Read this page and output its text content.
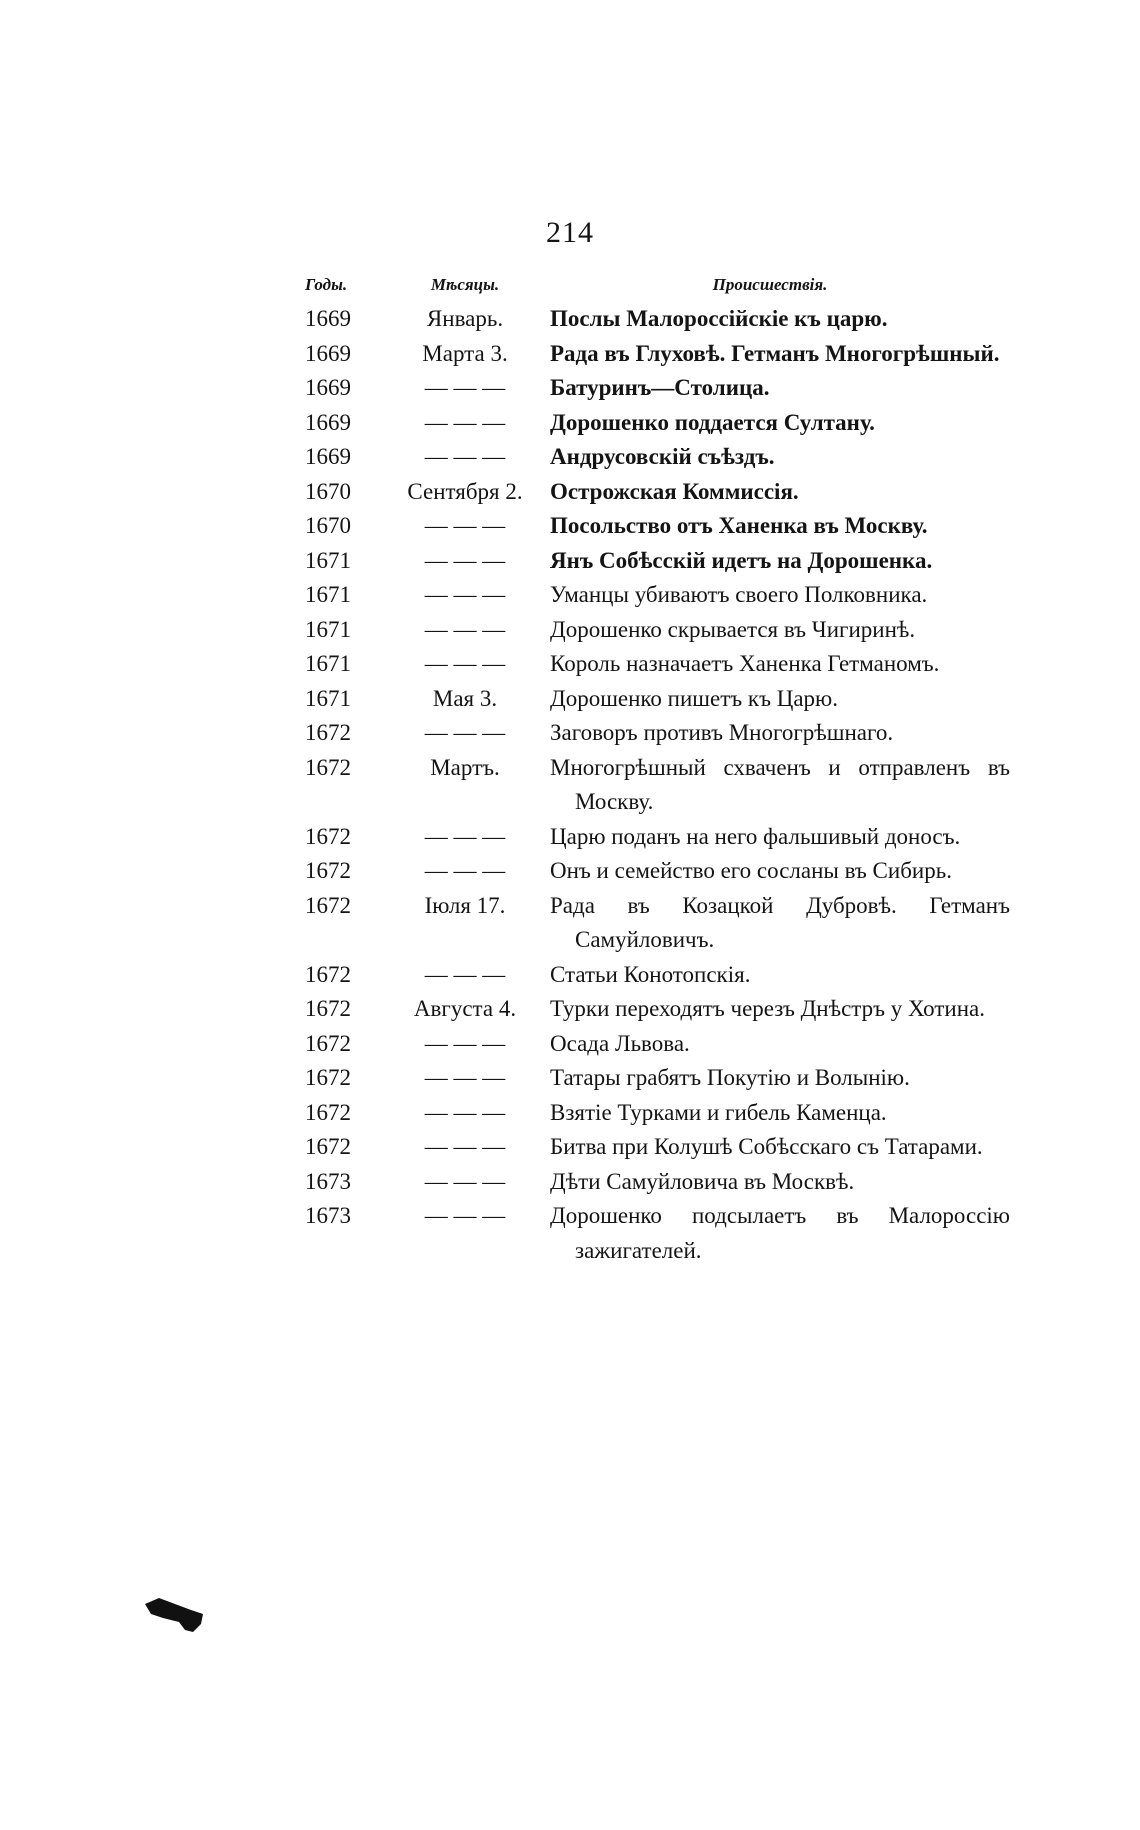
214
Годы.	Мѣсяцы.	Происшествія.
1669	Январь.	Послы Малороссійскіе къ царю.

1669	Марта 3.	Рада въ Глуховѣ. Гетманъ Многогрѣшный.

1669	— — —	Батуринъ—Столица.

1669	— — —	Дорошенко поддается Султану.

1669	— — —	Андрусовскій съѣздъ.

1670	Сентября 2.	Острожская Коммиссія.

1670	— — —	Посольство отъ Ханенка въ Москву.

1671	— — —	Янъ Собѣсскій идетъ на Дорошенка.

1671	— — —	Уманцы убиваютъ своего Полковника.

1671	— — —	Дорошенко скрывается въ Чигиринѣ.

1671	— — —	Король назначаетъ Ханенка Гетманомъ.

1671	Мая 3.	Дорошенко пишетъ къ Царю.

1672	— — —	Заговоръ противъ Многогрѣшнаго.

1672	Мартъ.	Многогрѣшный схваченъ и отправленъ въ Москву.

1672	— — —	Царю поданъ на него фальшивый доносъ.

1672	— — —	Онъ и семейство его сосланы въ Сибирь.

1672	Іюля 17.	Рада въ Козацкой Дубровѣ. Гетманъ Самуйловичъ.

1672	— — —	Статьи Конотопскія.

1672	Августа 4.	Турки переходятъ черезъ Днѣстръ у Хотина.

1672	— — —	Осада Львова.

1672	— — —	Татары грабятъ Покутію и Волынію.

1672	— — —	Взятіе Турками и гибель Каменца.

1672	— — —	Битва при Колушѣ Собѣсскаго съ Татарами.

1673	— — —	Дѣти Самуйловича въ Москвѣ.

1673	— — —	Дорошенко подсылаетъ въ Малороссію зажигателей.
